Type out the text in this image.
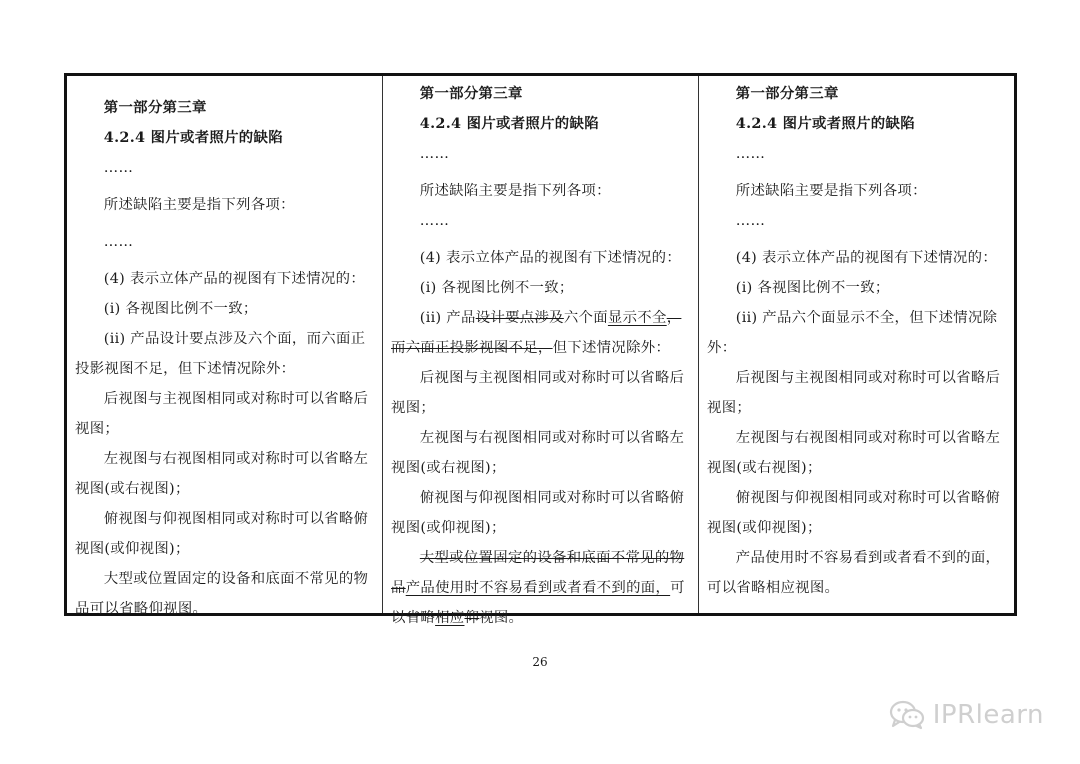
第一部分第三章

4.2.4 图片或者照片的缺陷

……

所述缺陷主要是指下列各项：

……

(4) 表示立体产品的视图有下述情况的：

(i) 各视图比例不一致；

(ii) 产品设计要点涉及六个面，而六面正投影视图不足，但下述情况除外：

后视图与主视图相同或对称时可以省略后视图；

左视图与右视图相同或对称时可以省略左视图(或右视图)；

俯视图与仰视图相同或对称时可以省略俯视图(或仰视图)；

大型或位置固定的设备和底面不常见的物品可以省略仰视图。

第一部分第三章

4.2.4 图片或者照片的缺陷

……

所述缺陷主要是指下列各项：

……

(4) 表示立体产品的视图有下述情况的：

(i) 各视图比例不一致；

(ii) 产品设计要点涉及六个面显示不全，而六面正投影视图不足，但下述情况除外：

后视图与主视图相同或对称时可以省略后视图；

左视图与右视图相同或对称时可以省略左视图(或右视图)；

俯视图与仰视图相同或对称时可以省略俯视图(或仰视图)；

大型或位置固定的设备和底面不常见的物品产品使用时不容易看到或者看不到的面，可以省略相应仰视图。

第一部分第三章

4.2.4 图片或者照片的缺陷

……

所述缺陷主要是指下列各项：

……

(4) 表示立体产品的视图有下述情况的：

(i) 各视图比例不一致；

(ii) 产品六个面显示不全，但下述情况除外：

后视图与主视图相同或对称时可以省略后视图；

左视图与右视图相同或对称时可以省略左视图(或右视图)；

俯视图与仰视图相同或对称时可以省略俯视图(或仰视图)；

产品使用时不容易看到或者看不到的面，可以省略相应视图。

26
IPRlearn
